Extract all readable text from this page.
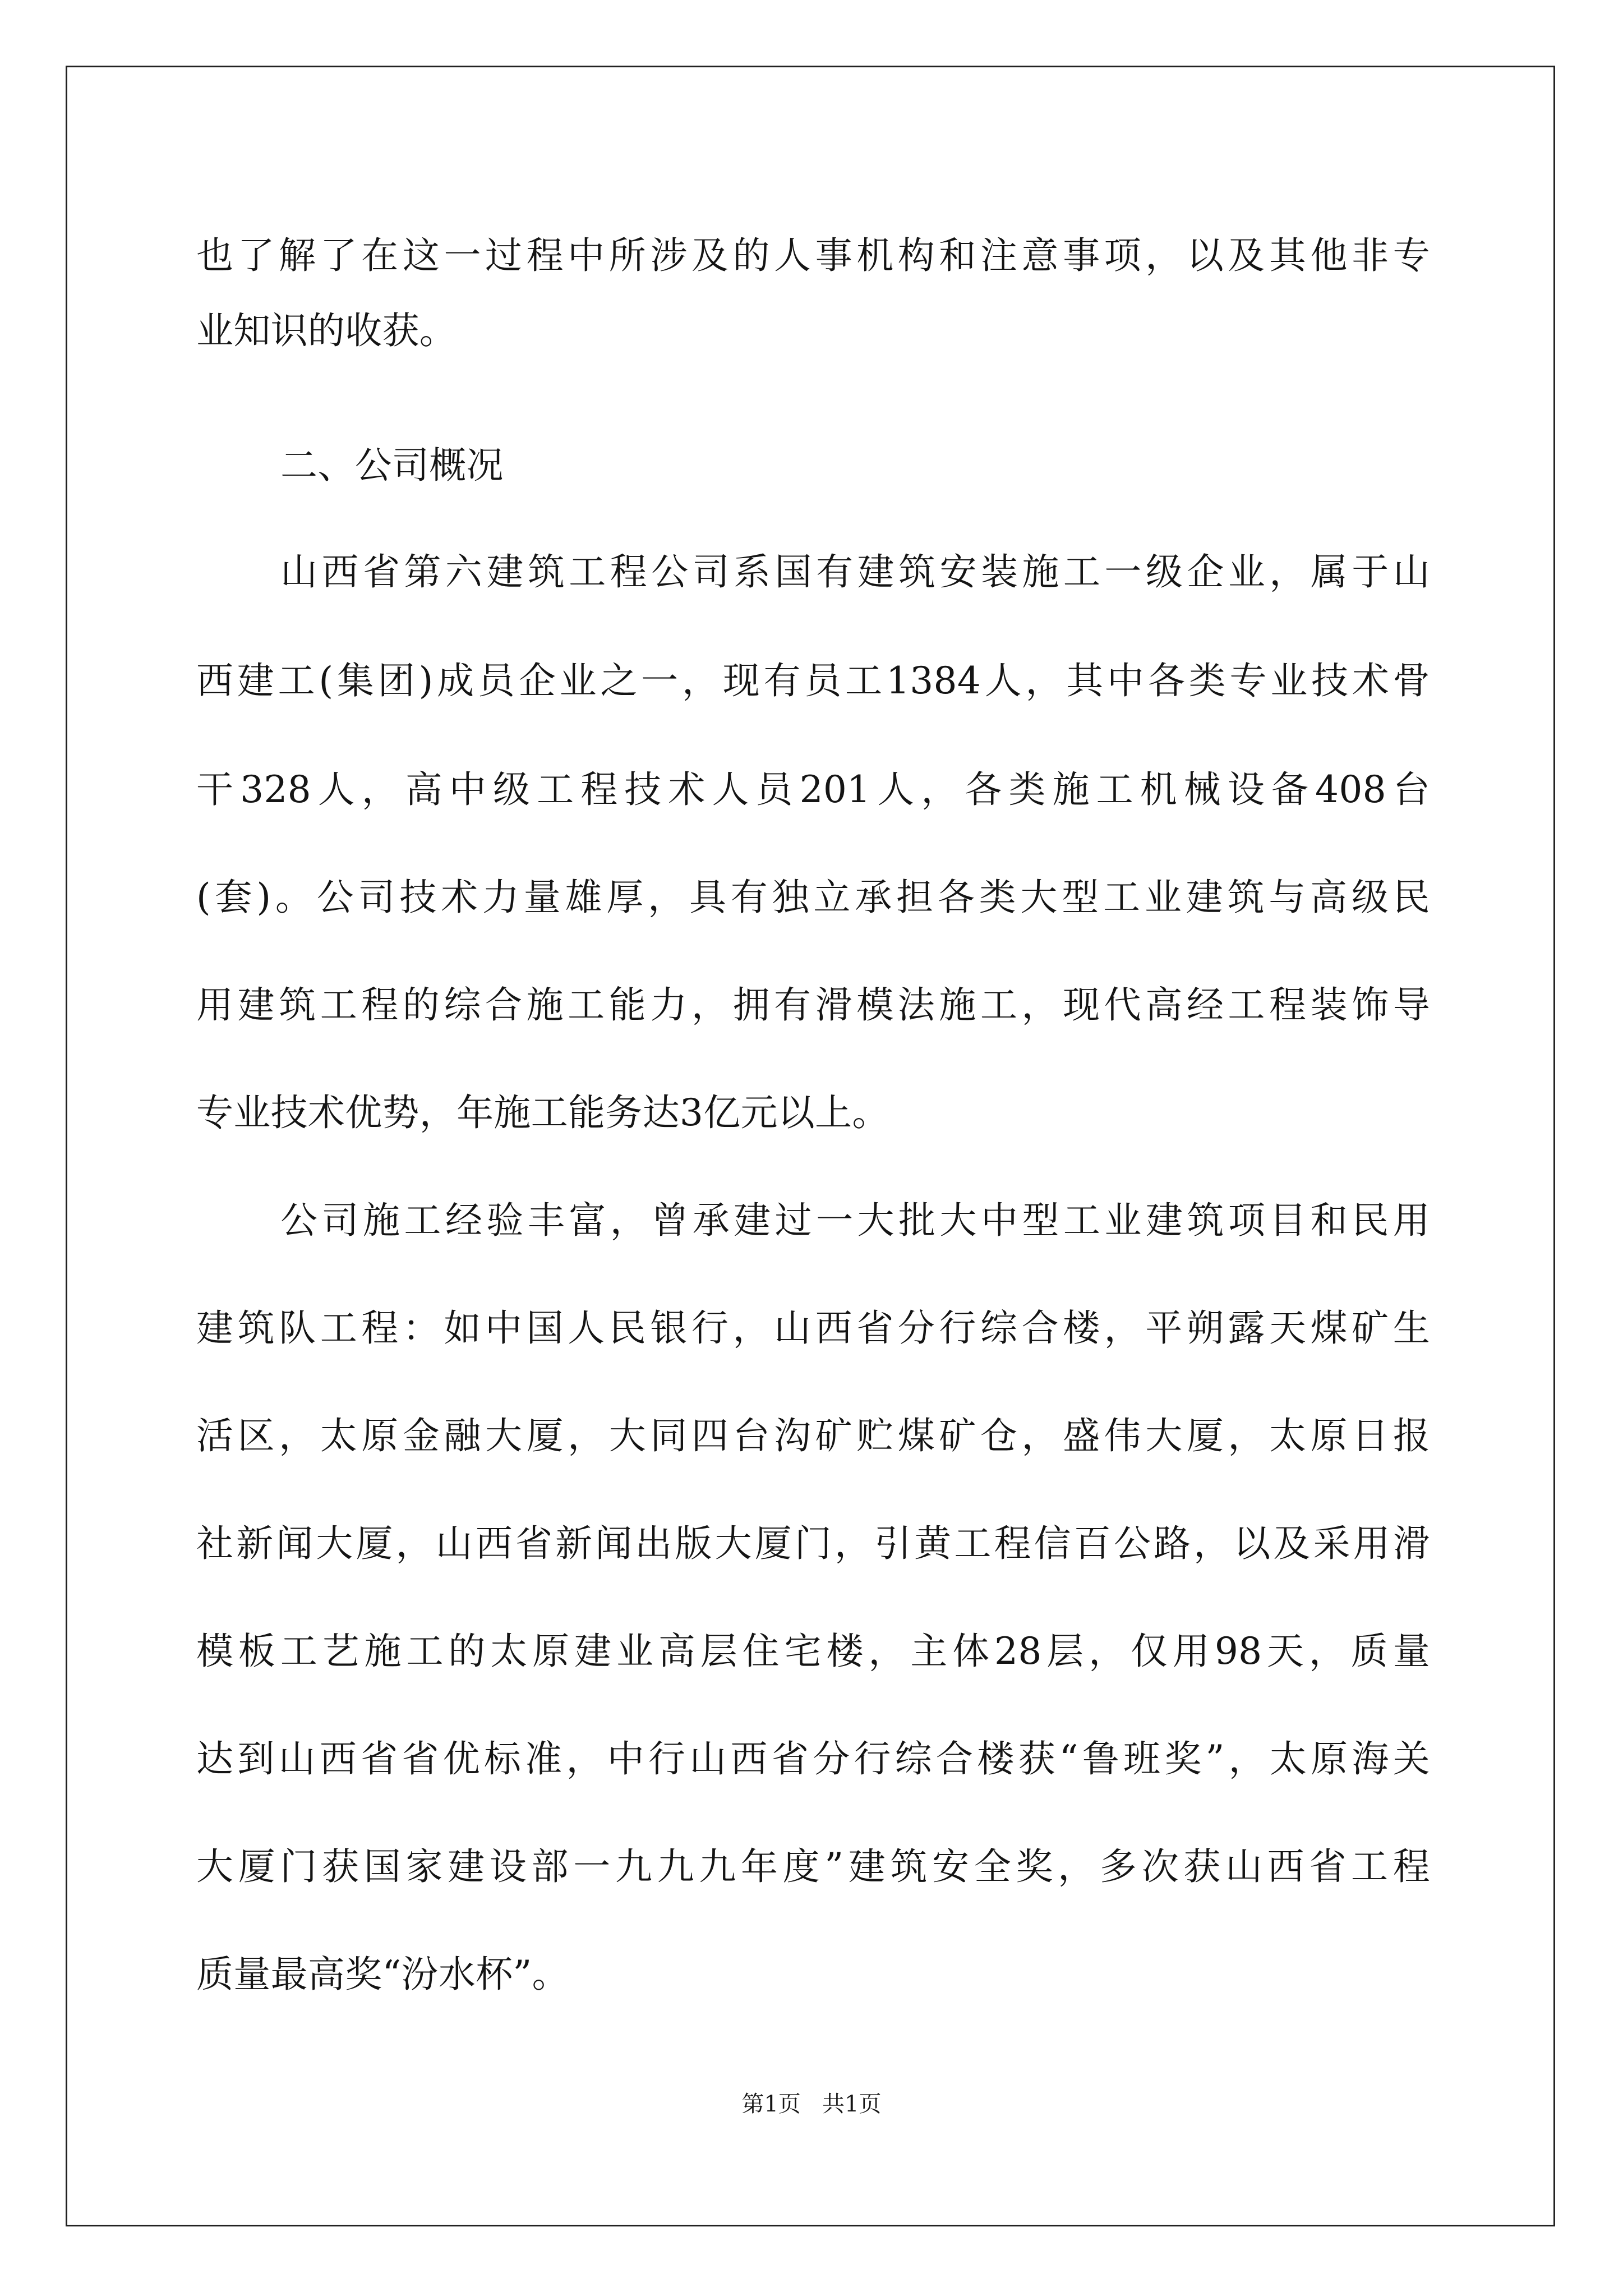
也了解了在这一过程中所涉及的人事机构和注意事项，以及其他非专
业知识的收获。
二、公司概况
山西省第六建筑工程公司系国有建筑安装施工一级企业，属于山
西建工(集团)成员企业之一，现有员工1384人，其中各类专业技术骨
干328人，高中级工程技术人员201人，各类施工机械设备408台
(套)。公司技术力量雄厚，具有独立承担各类大型工业建筑与高级民
用建筑工程的综合施工能力，拥有滑模法施工，现代高经工程装饰导
专业技术优势，年施工能务达3亿元以上。
公司施工经验丰富，曾承建过一大批大中型工业建筑项目和民用
建筑队工程：如中国人民银行，山西省分行综合楼，平朔露天煤矿生
活区，太原金融大厦，大同四台沟矿贮煤矿仓，盛伟大厦，太原日报
社新闻大厦，山西省新闻出版大厦门，引黄工程信百公路，以及采用滑
模板工艺施工的太原建业高层住宅楼，主体28层，仅用98天，质量
达到山西省省优标准，中行山西省分行综合楼获“鲁班奖”，太原海关
大厦门获国家建设部一九九九年度”建筑安全奖，多次获山西省工程
质量最高奖“汾水杯”。
第1页   共1页
